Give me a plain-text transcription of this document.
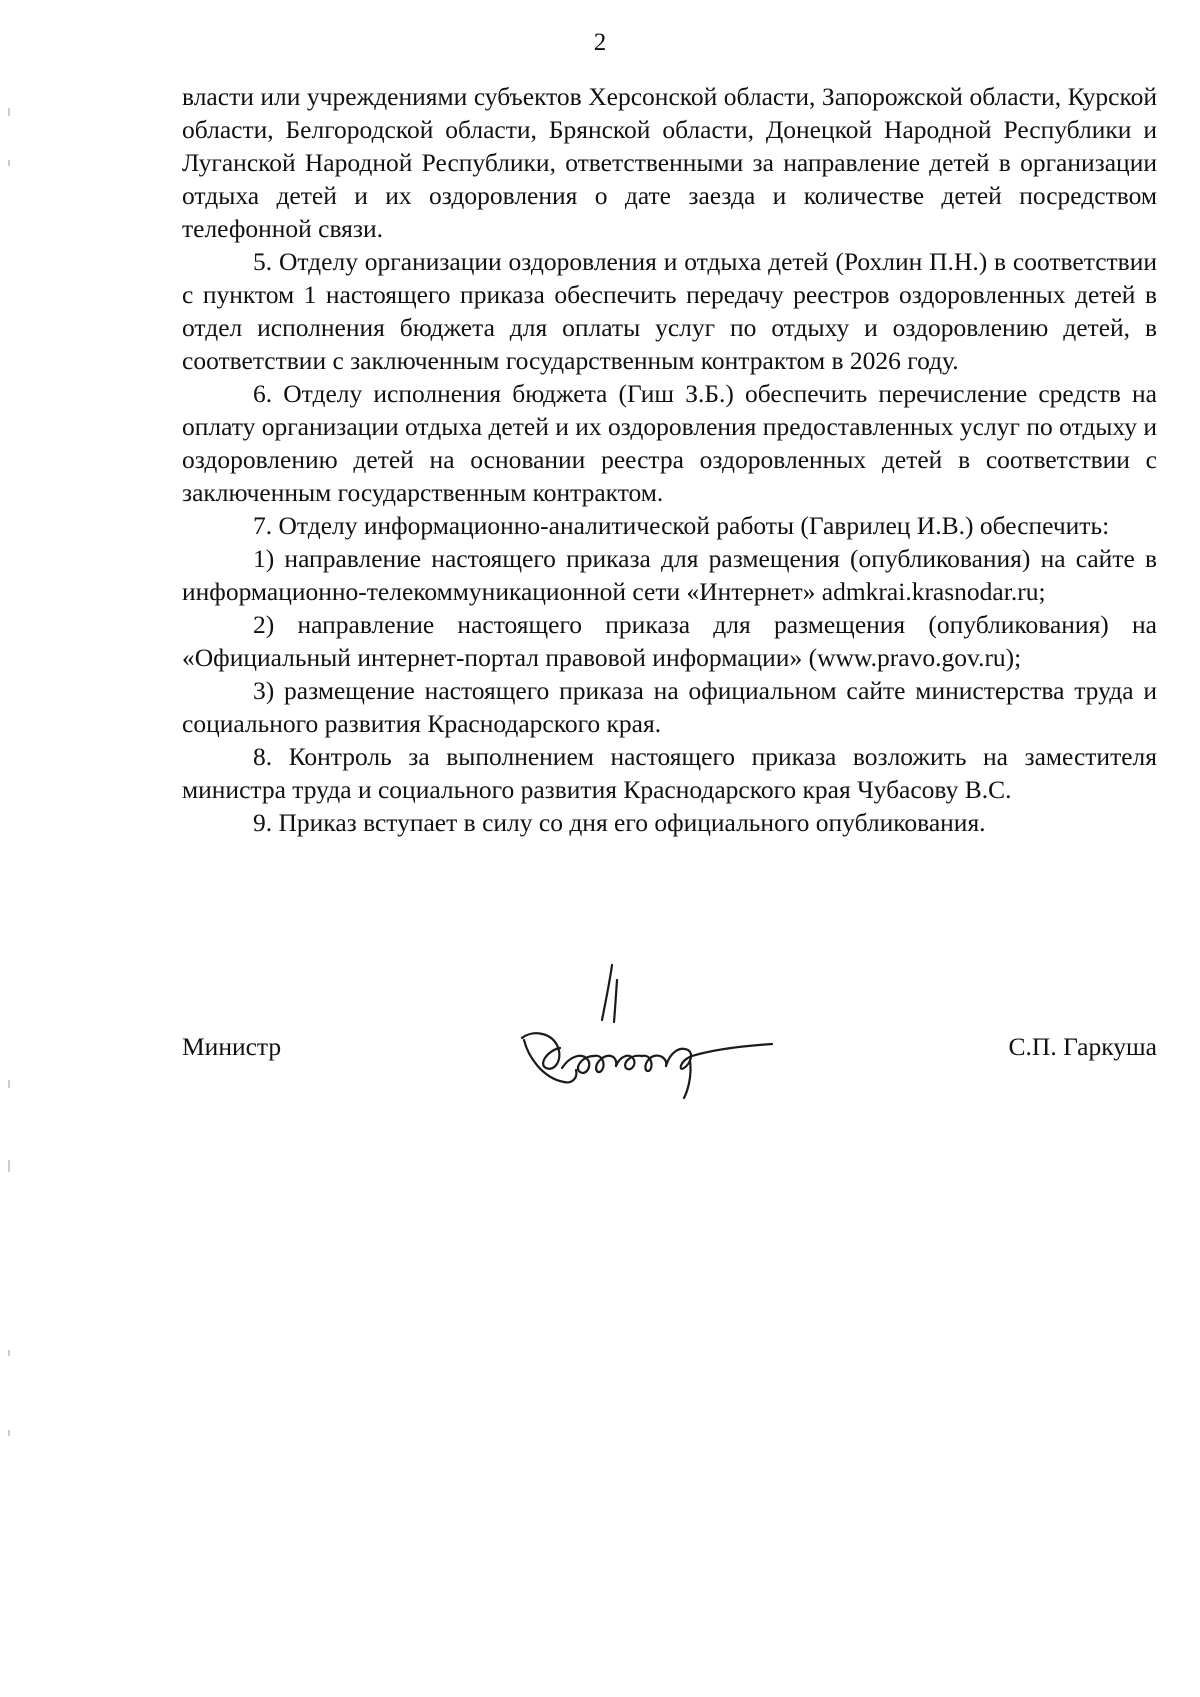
2

власти или учреждениями субъектов Херсонской области, Запорожской области, Курской области, Белгородской области, Брянской области, Донецкой Народной Республики и Луганской Народной Республики, ответственными за направление детей в организации отдыха детей и их оздоровления о дате заезда и количестве детей посредством телефонной связи.

5. Отделу организации оздоровления и отдыха детей (Рохлин П.Н.) в соответствии с пунктом 1 настоящего приказа обеспечить передачу реестров оздоровленных детей в отдел исполнения бюджета для оплаты услуг по отдыху и оздоровлению детей, в соответствии с заключенным государственным контрактом в 2026 году.

6. Отделу исполнения бюджета (Гиш З.Б.) обеспечить перечисление средств на оплату организации отдыха детей и их оздоровления предоставленных услуг по отдыху и оздоровлению детей на основании реестра оздоровленных детей в соответствии с заключенным государственным контрактом.

7. Отделу информационно-аналитической работы (Гаврилец И.В.) обеспечить:

1) направление настоящего приказа для размещения (опубликования) на сайте в информационно-телекоммуникационной сети «Интернет» admkrai.krasnodar.ru;

2) направление настоящего приказа для размещения (опубликования) на «Официальный интернет-портал правовой информации» (www.pravo.gov.ru);

3) размещение настоящего приказа на официальном сайте министерства труда и социального развития Краснодарского края.

8. Контроль за выполнением настоящего приказа возложить на заместителя министра труда и социального развития Краснодарского края Чубасову В.С.

9. Приказ вступает в силу со дня его официального опубликования.

Министр	С.П. Гаркуша
